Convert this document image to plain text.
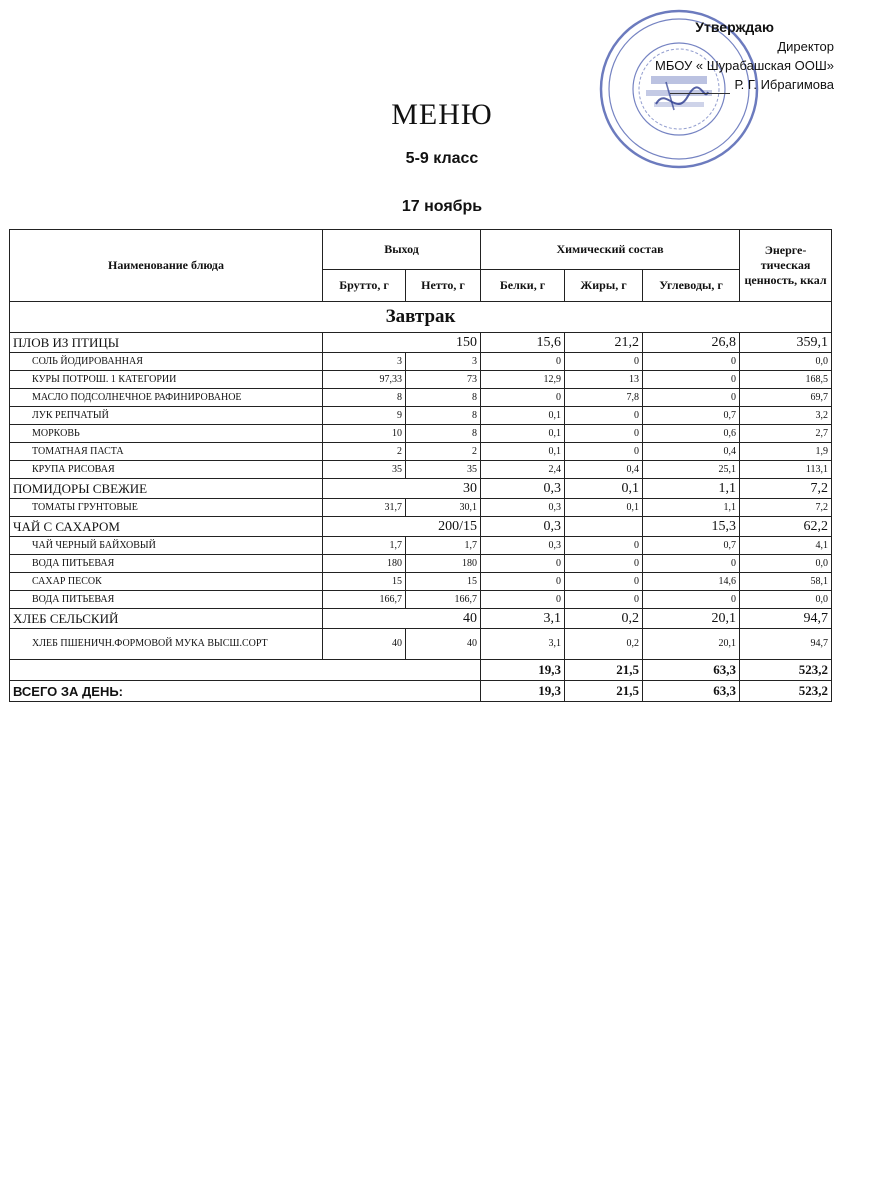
Утверждаю
Директор
МБОУ « Шурабашская ООШ»
Р. Г. Ибрагимова
МЕНЮ
5-9 класс
17 ноябрь
Наименование блюда	Выход		Химический состав			Энерге-тическая ценность, ккал
	Брутто, г	Нетто, г	Белки, г	Жиры, г	Углеводы, г	
Завтрак						
ПЛОВ ИЗ ПТИЦЫ	150		15,6	21,2	26,8	359,1
СОЛЬ ЙОДИРОВАННАЯ	3	3	0	0	0	0,0
КУРЫ ПОТРОШ. 1 КАТЕГОРИИ	97,33	73	12,9	13	0	168,5
МАСЛО ПОДСОЛНЕЧНОЕ РАФИНИРОВАНОЕ	8	8	0	7,8	0	69,7
ЛУК РЕПЧАТЫЙ	9	8	0,1	0	0,7	3,2
МОРКОВЬ	10	8	0,1	0	0,6	2,7
ТОМАТНАЯ ПАСТА	2	2	0,1	0	0,4	1,9
КРУПА РИСОВАЯ	35	35	2,4	0,4	25,1	113,1
ПОМИДОРЫ СВЕЖИЕ	30		0,3	0,1	1,1	7,2
ТОМАТЫ ГРУНТОВЫЕ	31,7	30,1	0,3	0,1	1,1	7,2
ЧАЙ С САХАРОМ	200/15		0,3		15,3	62,2
ЧАЙ ЧЕРНЫЙ БАЙХОВЫЙ	1,7	1,7	0,3	0	0,7	4,1
ВОДА ПИТЬЕВАЯ	180	180	0	0	0	0,0
САХАР ПЕСОК	15	15	0	0	14,6	58,1
ВОДА ПИТЬЕВАЯ	166,7	166,7	0	0	0	0,0
ХЛЕБ СЕЛЬСКИЙ	40		3,1	0,2	20,1	94,7
ХЛЕБ ПШЕНИЧН.ФОРМОВОЙ МУКА ВЫСШ.СОРТ	40	40	3,1	0,2	20,1	94,7
			19,3	21,5	63,3	523,2
ВСЕГО ЗА ДЕНЬ:			19,3	21,5	63,3	523,2
